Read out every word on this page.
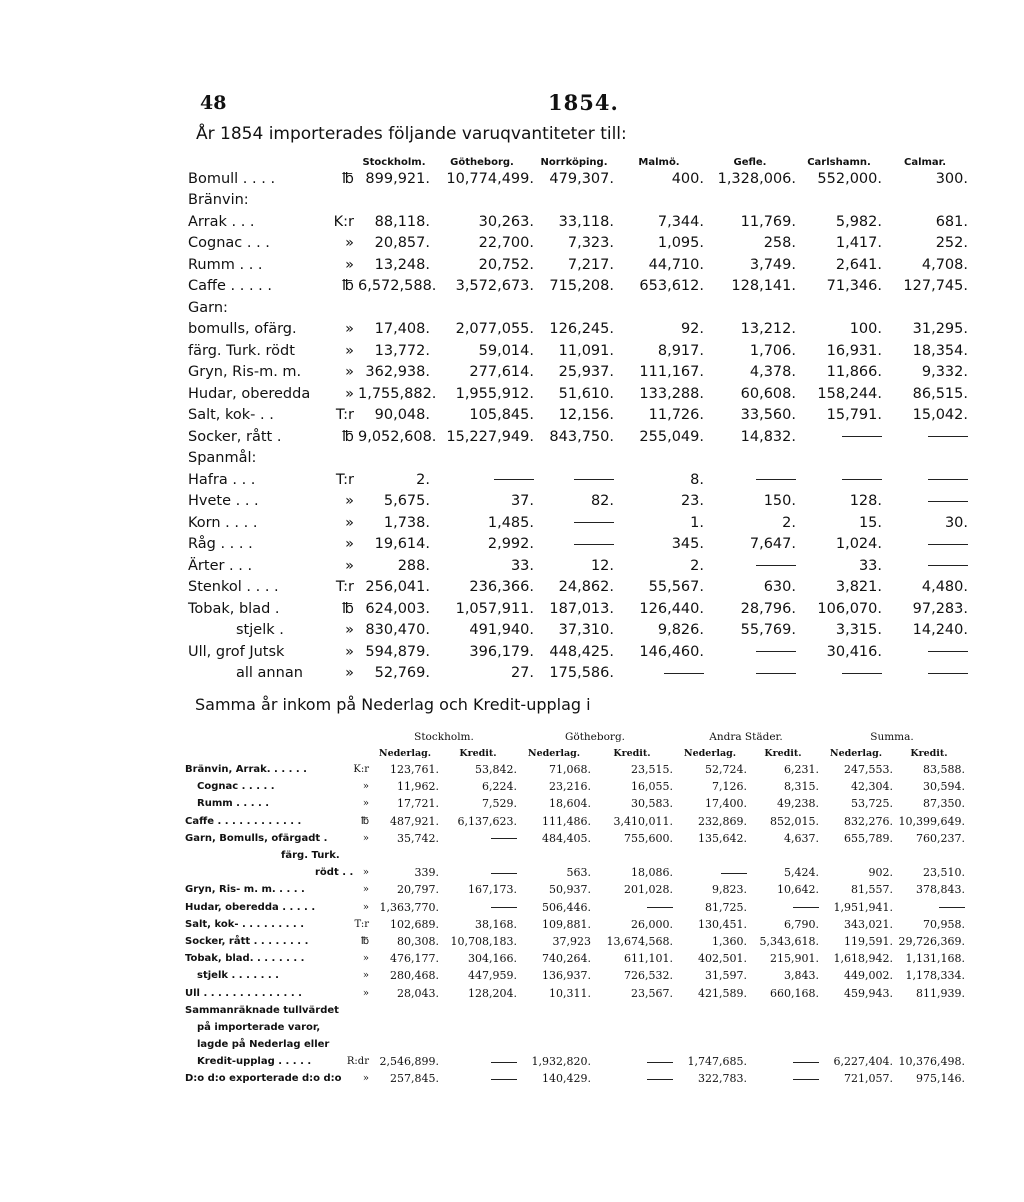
48	1854.
År 1854 importerades följande varuqvantiteter till:
		Stockholm.	Götheborg.	Norrköping.	Malmö.	Gefle.	Carlshamn.	Calmar.
Bomull . . . .	℔	899,921.	10,774,499.	479,307.	400.	1,328,006.	552,000.	300.
Bränvin:								
Arrak . . .	K:r	88,118.	30,263.	33,118.	7,344.	11,769.	5,982.	681.
Cognac . . .	»	20,857.	22,700.	7,323.	1,095.	258.	1,417.	252.
Rumm . . .	»	13,248.	20,752.	7,217.	44,710.	3,749.	2,641.	4,708.
Caffe . . . . .	℔	6,572,588.	3,572,673.	715,208.	653,612.	128,141.	71,346.	127,745.
Garn:								
bomulls, ofärg.	»	17,408.	2,077,055.	126,245.	92.	13,212.	100.	31,295.
färg. Turk. rödt	»	13,772.	59,014.	11,091.	8,917.	1,706.	16,931.	18,354.
Gryn, Ris-m. m.	»	362,938.	277,614.	25,937.	111,167.	4,378.	11,866.	9,332.
Hudar, oberedda	»	1,755,882.	1,955,912.	51,610.	133,288.	60,608.	158,244.	86,515.
Salt, kok- . .	T:r	90,048.	105,845.	12,156.	11,726.	33,560.	15,791.	15,042.
Socker, rått .	℔	9,052,608.	15,227,949.	843,750.	255,049.	14,832.		
Spanmål:								
Hafra . . .	T:r	2.			8.			
Hvete . . .	»	5,675.	37.	82.	23.	150.	128.	
Korn . . . .	»	1,738.	1,485.		1.	2.	15.	30.
Råg . . . .	»	19,614.	2,992.		345.	7,647.	1,024.	
Ärter . . .	»	288.	33.	12.	2.		33.	
Stenkol . . . .	T:r	256,041.	236,366.	24,862.	55,567.	630.	3,821.	4,480.
Tobak, blad .	℔	624,003.	1,057,911.	187,013.	126,440.	28,796.	106,070.	97,283.
stjelk .	»	830,470.	491,940.	37,310.	9,826.	55,769.	3,315.	14,240.
Ull, grof Jutsk	»	594,879.	396,179.	448,425.	146,460.		30,416.	
all annan	»	52,769.	27.	175,586.				
Samma år inkom på Nederlag och Kredit-upplag i
		Stockholm.		Götheborg.		Andra Städer.		Summa.	
		Nederlag.	Kredit.	Nederlag.	Kredit.	Nederlag.	Kredit.	Nederlag.	Kredit.
Bränvin, Arrak. . . . . .	K:r	123,761.	53,842.	71,068.	23,515.	52,724.	6,231.	247,553.	83,588.
Cognac . . . . .	»	11,962.	6,224.	23,216.	16,055.	7,126.	8,315.	42,304.	30,594.
Rumm . . . . .	»	17,721.	7,529.	18,604.	30,583.	17,400.	49,238.	53,725.	87,350.
Caffe . . . . . . . . . . . .	℔	487,921.	6,137,623.	111,486.	3,410,011.	232,869.	852,015.	832,276.	10,399,649.
Garn, Bomulls, ofärgadt .	»	35,742.		484,405.	755,600.	135,642.	4,637.	655,789.	760,237.
färg. Turk.									
rödt . .	»	339.		563.	18,086.		5,424.	902.	23,510.
Gryn, Ris- m. m. . . . .	»	20,797.	167,173.	50,937.	201,028.	9,823.	10,642.	81,557.	378,843.
Hudar, oberedda . . . . .	»	1,363,770.		506,446.		81,725.		1,951,941.	
Salt, kok- . . . . . . . . .	T:r	102,689.	38,168.	109,881.	26,000.	130,451.	6,790.	343,021.	70,958.
Socker, rått . . . . . . . .	℔	80,308.	10,708,183.	37,923	13,674,568.	1,360.	5,343,618.	119,591.	29,726,369.
Tobak, blad. . . . . . . .	»	476,177.	304,166.	740,264.	611,101.	402,501.	215,901.	1,618,942.	1,131,168.
stjelk . . . . . . .	»	280,468.	447,959.	136,937.	726,532.	31,597.	3,843.	449,002.	1,178,334.
Ull . . . . . . . . . . . . . .	»	28,043.	128,204.	10,311.	23,567.	421,589.	660,168.	459,943.	811,939.
Sammanräknade tullvärdet									
på importerade varor,									
lagde på Nederlag eller									
Kredit-upplag . . . . .	R:dr	2,546,899.		1,932,820.		1,747,685.		6,227,404.	10,376,498.
D:o d:o exporterade d:o d:o	»	257,845.		140,429.		322,783.		721,057.	975,146.
